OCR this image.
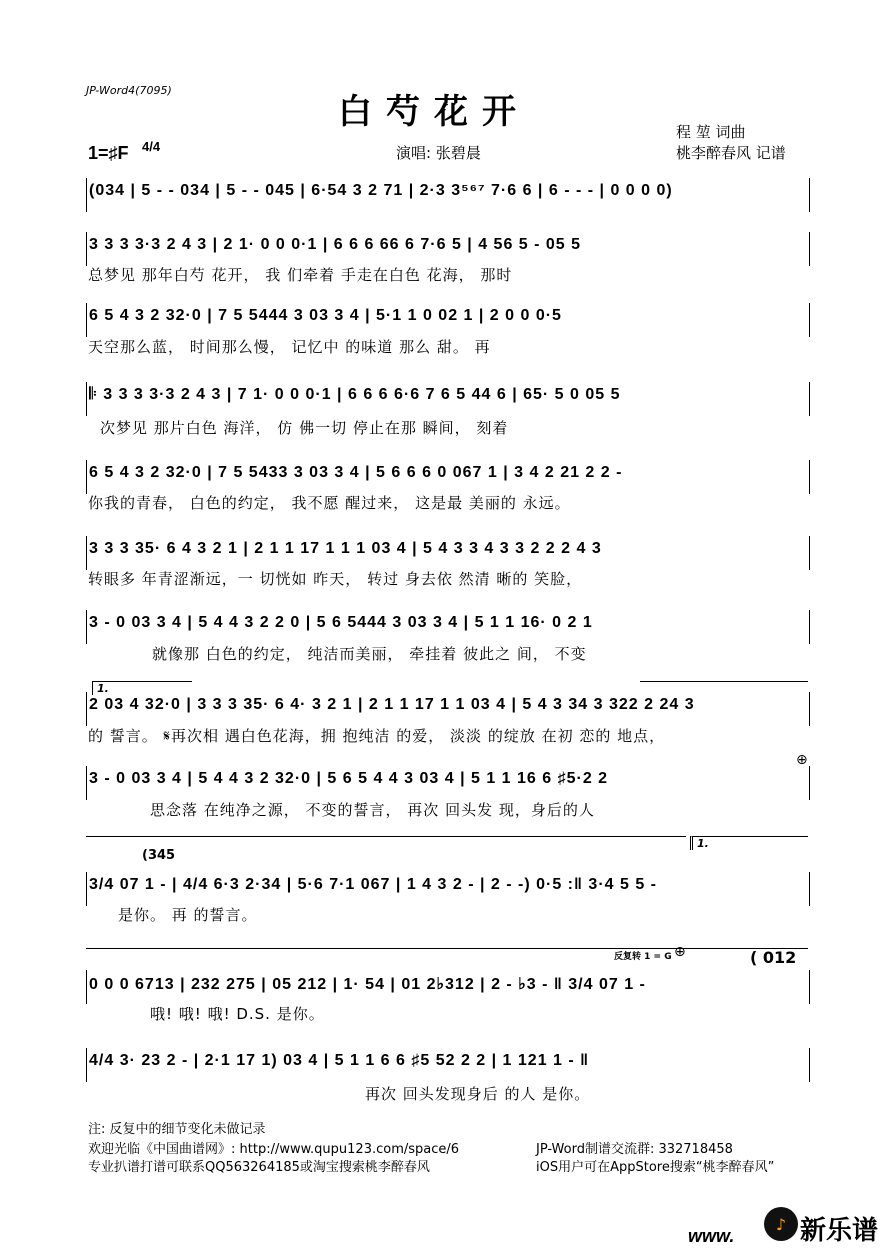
JP-Word4(7095)
白芍花开	程 堃 词曲
桃李醉春风 记谱
1=♯F 4/4	演唱: 张碧晨
(034 | 5 - - 034 | 5 - - 045 | 6·54 3 2 71 | 2·3 3⁵⁶⁷ 7·6 6 | 6 - - - | 0 0 0 0)
3 3 3 3·3 2 4 3 | 2 1· 0 0 0·1 | 6 6 6 66 6 7·6 5 | 4 56 5 - 05 5
总梦见 那年白芍 花开， 我 们牵着 手走在白色 花海， 那时
6 5 4 3 2 32·0 | 7 5 5444 3 03 3 4 | 5·1 1 0 02 1 | 2 0 0 0·5
天空那么蓝， 时间那么慢， 记忆中 的味道 那么 甜。 再
𝄆 3 3 3 3·3 2 4 3 | 7 1· 0 0 0·1 | 6 6 6 6·6 7 6 5 44 6 | 65· 5 0 05 5
次梦见 那片白色 海洋， 仿 佛一切 停止在那 瞬间， 刻着
6 5 4 3 2 32·0 | 7 5 5433 3 03 3 4 | 5 6 6 6 0 067 1 | 3 4 2 21 2 2 -
你我的青春， 白色的约定， 我不愿 醒过来， 这是最 美丽的 永远。
3 3 3 35· 6 4 3 2 1 | 2 1 1 17 1 1 1 03 4 | 5 4 3 3 4 3 3 2 2 2 4 3
转眼多 年青涩渐远，一 切恍如 昨天， 转过 身去依 然清 晰的 笑脸，
3 - 0 03 3 4 | 5 4 4 3 2 2 0 | 5 6 5444 3 03 3 4 | 5 1 1 16· 0 2 1
就像那 白色的约定， 纯洁而美丽， 牵挂着 彼此之 间， 不变
1.
2 03 4 32·0 | 3 3 3 35· 6 4· 3 2 1 | 2 1 1 17 1 1 03 4 | 5 4 3 34 3 322 2 24 3
的 誓言。 𝄋再次相 遇白色花海，拥 抱纯洁 的爱， 淡淡 的绽放 在初 恋的 地点，
⊕
3 - 0 03 3 4 | 5 4 4 3 2 32·0 | 5 6 5 4 4 3 03 4 | 5 1 1 16 6 ♯5·2 2
思念落 在纯净之源， 不变的誓言， 再次 回头发 现，身后的人
1.
(345
3/4 07 1 - | 4/4 6·3 2·34 | 5·6 7·1 067 | 1 4 3 2 - | 2 - -) 0·5 :‖ 3·4 5 5 -
是你。 再 的誓言。
反复转 1 = G ⊕	( 012
0 0 0 6713 | 232 275 | 05 212 | 1· 54 | 01 2♭312 | 2 - ♭3 - ‖ 3/4 07 1 -
哦! 哦! 哦! D.S. 是你。
4/4 3· 23 2 - | 2·1 17 1) 03 4 | 5 1 1 6 6 ♯5 52 2 2 | 1 121 1 - ‖
再次 回头发现身后 的人 是你。
注: 反复中的细节变化未做记录
欢迎光临《中国曲谱网》: http://www.qupu123.com/space/6	JP-Word制谱交流群: 332718458
专业扒谱打谱可联系QQ563264185或淘宝搜索桃李醉春风	iOS用户可在AppStore搜索“桃李醉春风”
www.
♪ 新乐谱
